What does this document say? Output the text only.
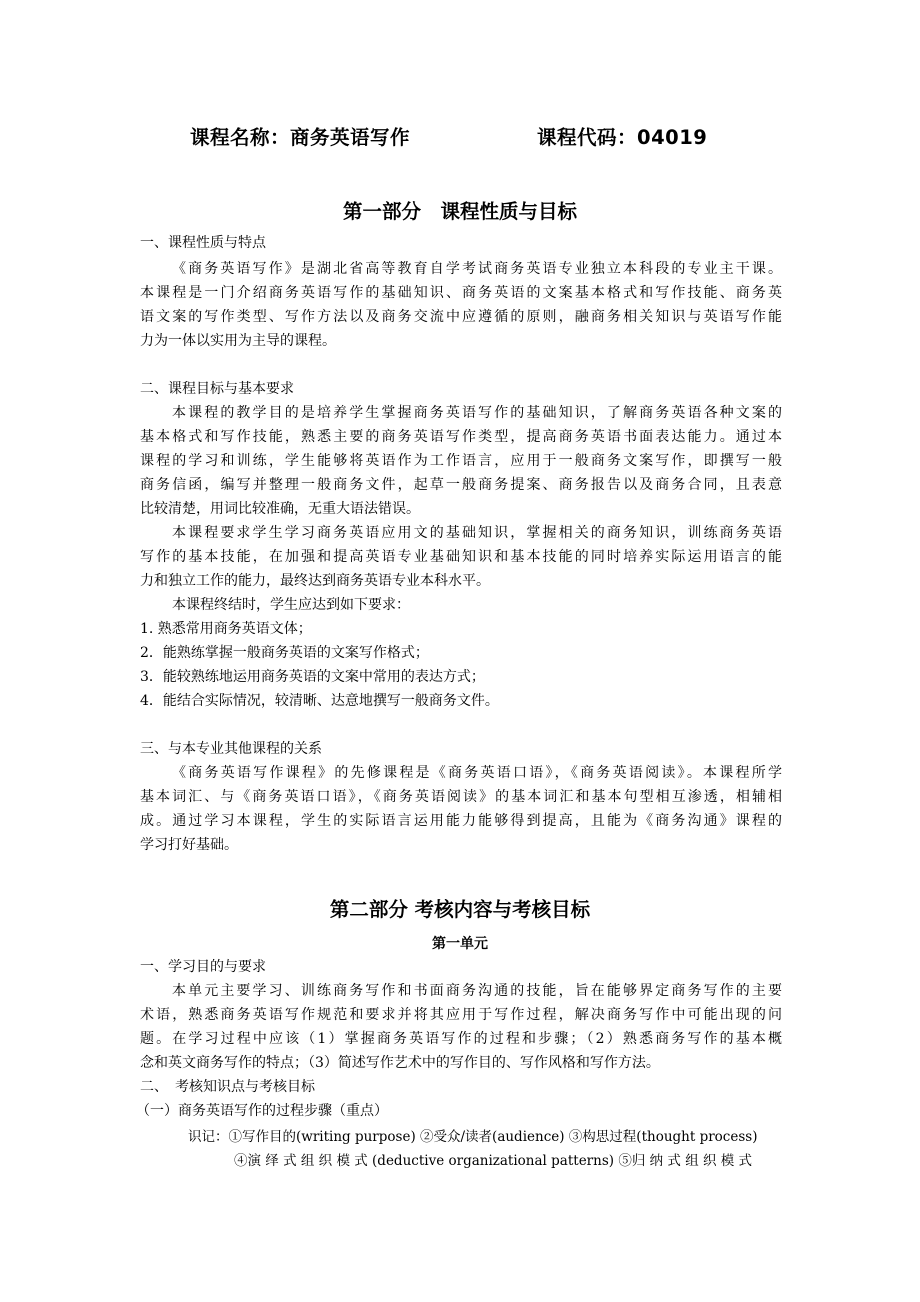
课程名称：商务英语写作	课程代码：04019
第一部分　课程性质与目标
一、课程性质与特点
《商务英语写作》是湖北省高等教育自学考试商务英语专业独立本科段的专业主干课。
本课程是一门介绍商务英语写作的基础知识、商务英语的文案基本格式和写作技能、商务英
语文案的写作类型、写作方法以及商务交流中应遵循的原则，融商务相关知识与英语写作能
力为一体以实用为主导的课程。
二、课程目标与基本要求
本课程的教学目的是培养学生掌握商务英语写作的基础知识，了解商务英语各种文案的
基本格式和写作技能，熟悉主要的商务英语写作类型，提高商务英语书面表达能力。通过本
课程的学习和训练，学生能够将英语作为工作语言，应用于一般商务文案写作，即撰写一般
商务信函，编写并整理一般商务文件，起草一般商务提案、商务报告以及商务合同，且表意
比较清楚，用词比较准确，无重大语法错误。
本课程要求学生学习商务英语应用文的基础知识，掌握相关的商务知识，训练商务英语
写作的基本技能，在加强和提高英语专业基础知识和基本技能的同时培养实际运用语言的能
力和独立工作的能力，最终达到商务英语专业本科水平。
本课程终结时，学生应达到如下要求：
1. 熟悉常用商务英语文体；
2．能熟练掌握一般商务英语的文案写作格式；
3．能较熟练地运用商务英语的文案中常用的表达方式；
4．能结合实际情况，较清晰、达意地撰写一般商务文件。
三、与本专业其他课程的关系
《商务英语写作课程》的先修课程是《商务英语口语》，《商务英语阅读》。本课程所学
基本词汇、与《商务英语口语》，《商务英语阅读》的基本词汇和基本句型相互渗透，相辅相
成。通过学习本课程，学生的实际语言运用能力能够得到提高，且能为《商务沟通》课程的
学习打好基础。
第二部分 考核内容与考核目标
第一单元
一、学习目的与要求
本单元主要学习、训练商务写作和书面商务沟通的技能，旨在能够界定商务写作的主要
术语，熟悉商务英语写作规范和要求并将其应用于写作过程，解决商务写作中可能出现的问
题。在学习过程中应该（1）掌握商务英语写作的过程和步骤；（2）熟悉商务写作的基本概
念和英文商务写作的特点；（3）简述写作艺术中的写作目的、写作风格和写作方法。
二、　考核知识点与考核目标
（一）商务英语写作的过程步骤（重点）
识记：①写作目的(writing purpose) ②受众/读者(audience) ③构思过程(thought process)
④演 绎 式 组 织 模 式 (deductive organizational patterns) ⑤归 纳 式 组 织 模 式
